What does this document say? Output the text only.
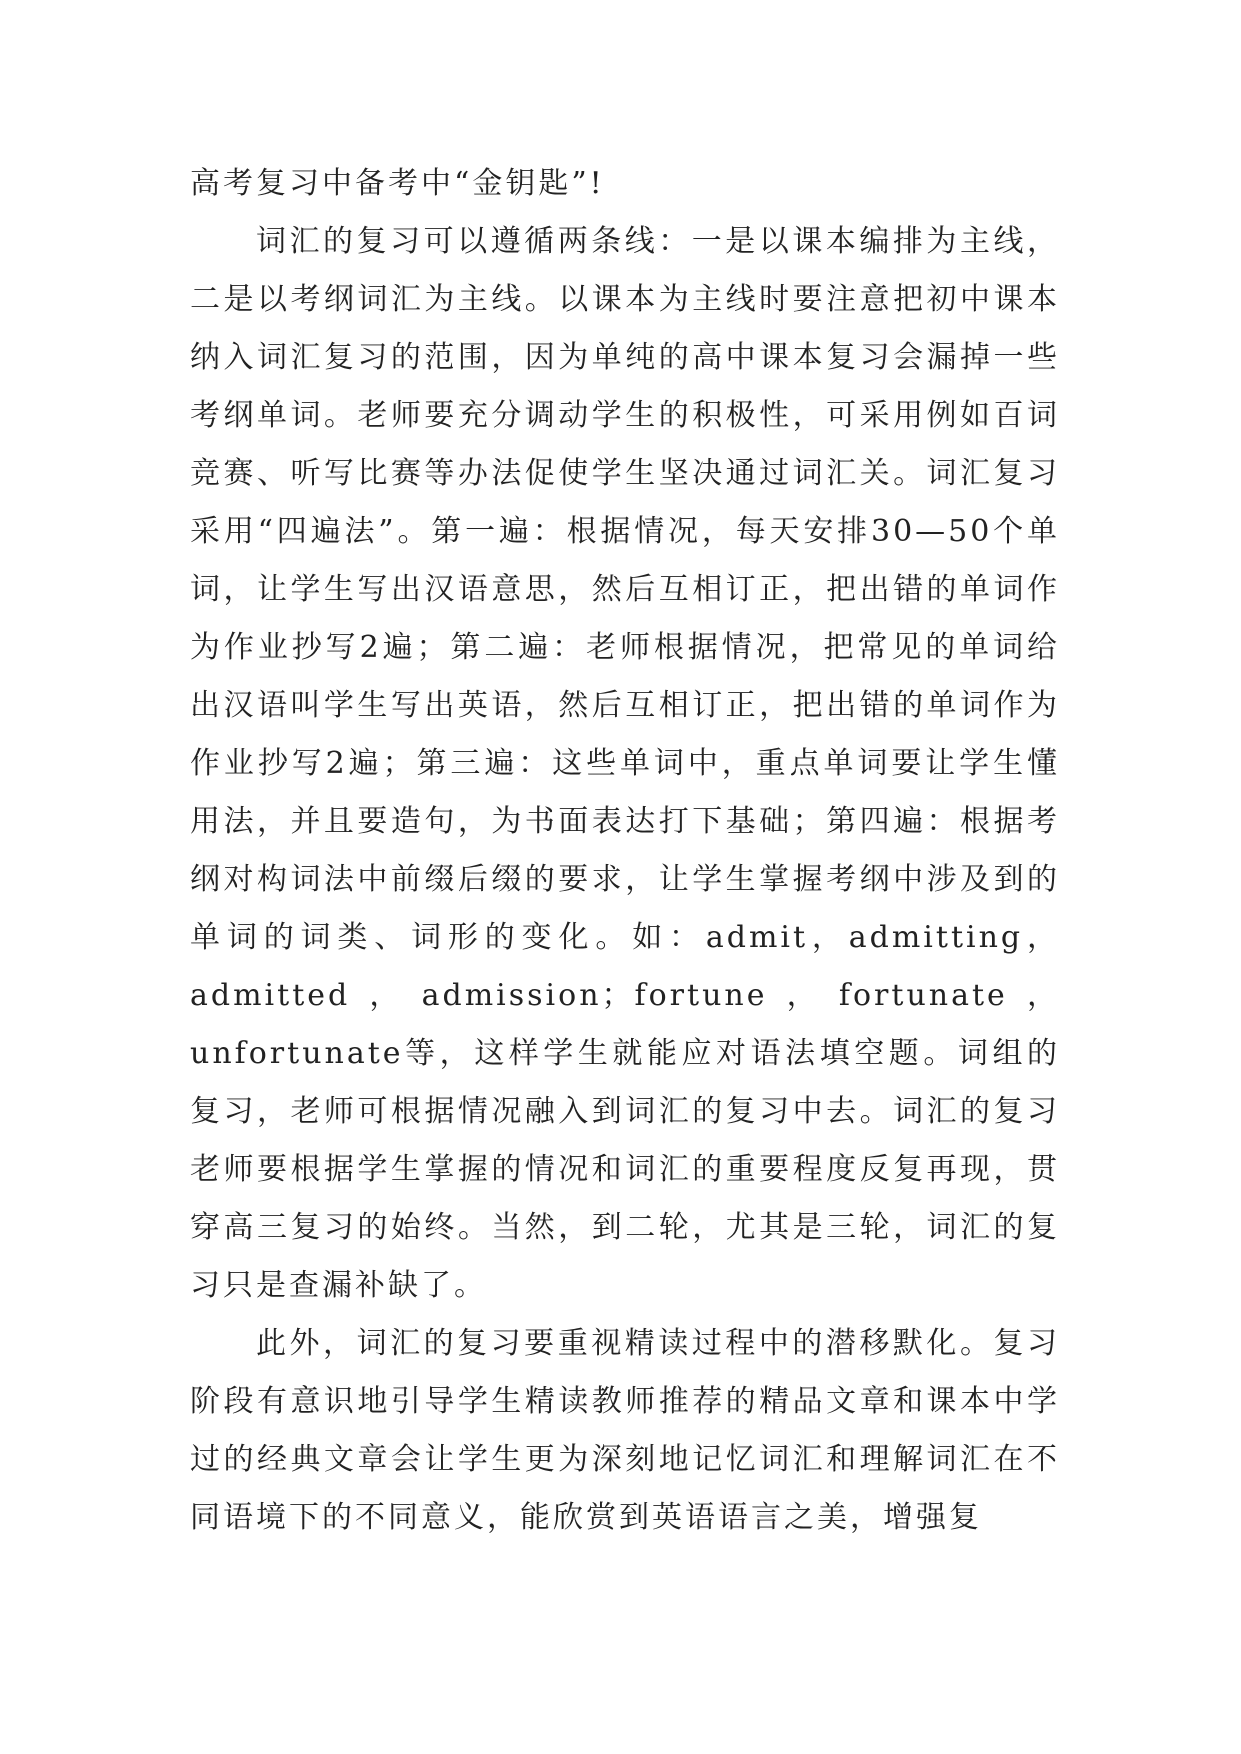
高考复习中备考中“金钥匙”!

词汇的复习可以遵循两条线：一是以课本编排为主线，二是以考纲词汇为主线。以课本为主线时要注意把初中课本纳入词汇复习的范围，因为单纯的高中课本复习会漏掉一些考纲单词。老师要充分调动学生的积极性，可采用例如百词竞赛、听写比赛等办法促使学生坚决通过词汇关。词汇复习采用“四遍法”。第一遍：根据情况，每天安排30—50个单词，让学生写出汉语意思，然后互相订正，把出错的单词作为作业抄写2遍；第二遍：老师根据情况，把常见的单词给出汉语叫学生写出英语，然后互相订正，把出错的单词作为作业抄写2遍；第三遍：这些单词中，重点单词要让学生懂用法，并且要造句，为书面表达打下基础；第四遍：根据考纲对构词法中前缀后缀的要求，让学生掌握考纲中涉及到的单词的词类、词形的变化。如：admit，admitting，admitted，admission；fortune，fortunate，unfortunate等，这样学生就能应对语法填空题。词组的复习，老师可根据情况融入到词汇的复习中去。词汇的复习老师要根据学生掌握的情况和词汇的重要程度反复再现，贯穿高三复习的始终。当然，到二轮，尤其是三轮，词汇的复习只是查漏补缺了。

此外，词汇的复习要重视精读过程中的潜移默化。复习阶段有意识地引导学生精读教师推荐的精品文章和课本中学过的经典文章会让学生更为深刻地记忆词汇和理解词汇在不同语境下的不同意义，能欣赏到英语语言之美，增强复
